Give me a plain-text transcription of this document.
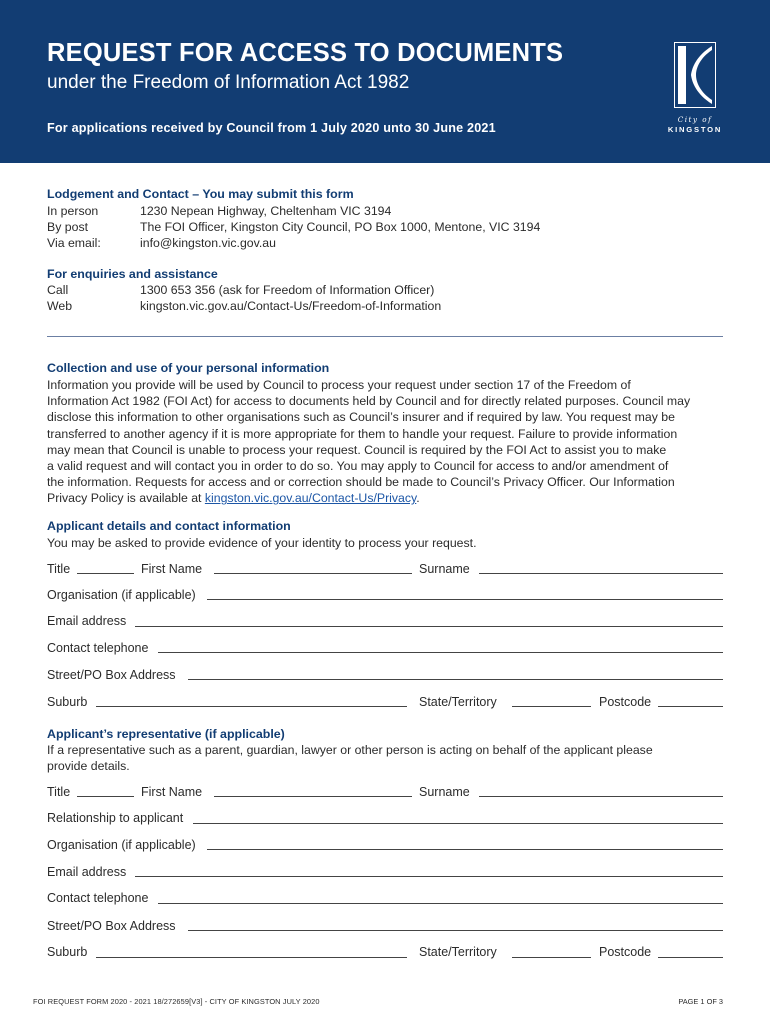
REQUEST FOR ACCESS TO DOCUMENTS
under the Freedom of Information Act 1982
For applications received by Council from 1 July 2020 unto 30 June 2021
City of
KINGSTON
Lodgement and Contact – You may submit this form
In person	1230 Nepean Highway, Cheltenham VIC 3194
By post	The FOI Officer, Kingston City Council, PO Box 1000, Mentone, VIC 3194
Via email:	info@kingston.vic.gov.au
For enquiries and assistance
Call	1300 653 356 (ask for Freedom of Information Officer)
Web	kingston.vic.gov.au/Contact-Us/Freedom-of-Information
Collection and use of your personal information
Information you provide will be used by Council to process your request under section 17 of the Freedom of
Information Act 1982 (FOI Act) for access to documents held by Council and for directly related purposes. Council may
disclose this information to other organisations such as Council’s insurer and if required by law. You request may be
transferred to another agency if it is more appropriate for them to handle your request. Failure to provide information
may mean that Council is unable to process your request. Council is required by the FOI Act to assist you to make
a valid request and will contact you in order to do so. You may apply to Council for access to and/or amendment of
the information. Requests for access and or correction should be made to Council’s Privacy Officer. Our Information
Privacy Policy is available at kingston.vic.gov.au/Contact-Us/Privacy.
Applicant details and contact information
You may be asked to provide evidence of your identity to process your request.
Title	First Name	Surname
Organisation (if applicable)
Email address
Contact telephone
Street/PO Box Address
Suburb	State/Territory	Postcode
Applicant’s representative (if applicable)
If a representative such as a parent, guardian, lawyer or other person is acting on behalf of the applicant please
provide details.
Title	First Name	Surname
Relationship to applicant
Organisation (if applicable)
Email address
Contact telephone
Street/PO Box Address
Suburb	State/Territory	Postcode
FOI REQUEST FORM 2020 - 2021 18/272659[V3] - CITY OF KINGSTON JULY 2020	PAGE 1 OF 3
